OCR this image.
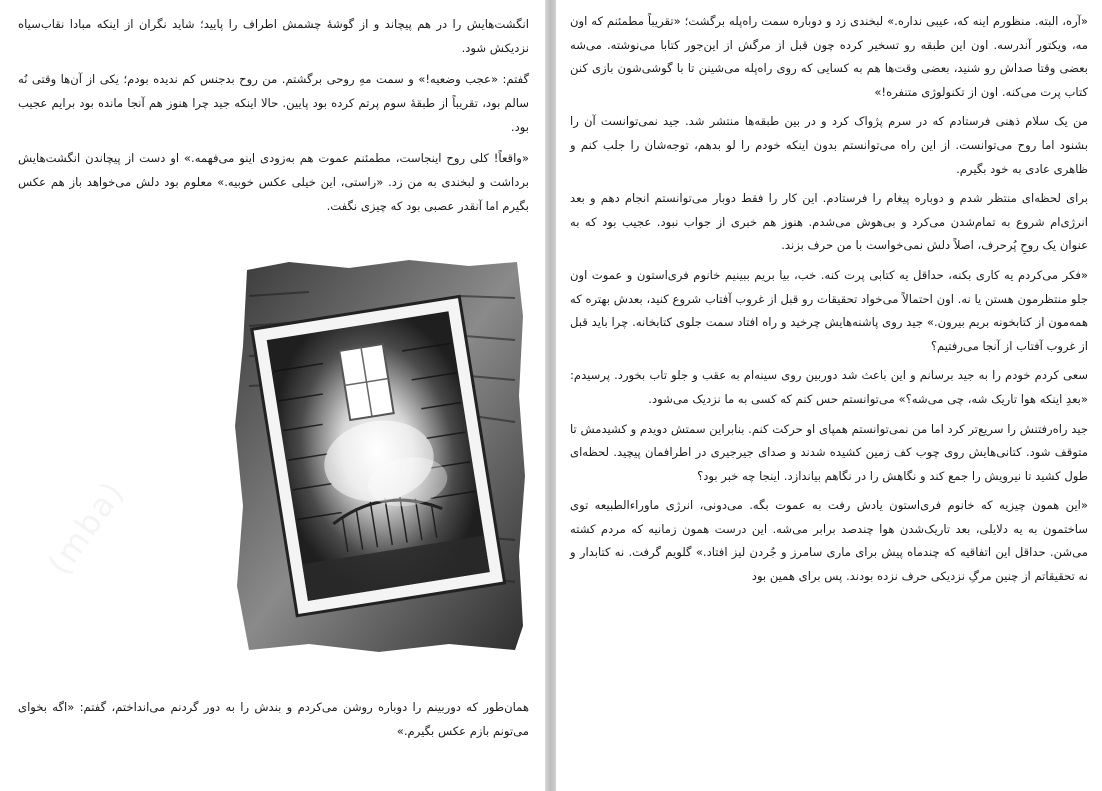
انگشت‌هایش را در هم پیچاند و از گوشهٔ چشمش اطراف را پایید؛ شاید نگران از اینکه مبادا نقاب‌سیاه نزدیکش شود.

گفتم: «عجب وضعیه!» و سمت مهِ روحی برگشتم. من روح بدجنس کم ندیده بودم؛ یکی از آن‌ها وقتی نُه سالم بود، تقریباً از طبقهٔ سوم پرتم کرده بود پایین. حالا اینکه جید چرا هنوز هم آنجا مانده بود برایم عجیب بود.

«واقعاً! کلی روح اینجاست، مطمئنم عموت هم به‌زودی اینو می‌فهمه.» او دست از پیچاندن انگشت‌هایش برداشت و لبخندی به من زد. «راستی، این خیلی عکس خوبیه.» معلوم بود دلش می‌خواهد باز هم عکس بگیرم اما آنقدر عصبی بود که چیزی نگفت.

همان‌طور که دوربینم را دوباره روشن می‌کردم و بندش را به دور گردنم می‌انداختم، گفتم: «اگه بخوای می‌تونم بازم عکس بگیرم.»

(mba)

«آره، البته. منظورم اینه که، عیبی نداره.» لبخندی زد و دوباره سمت راه‌پله برگشت؛ «تقریباً مطمئنم که اون مه، ویکتور آندرسه. اون این طبقه رو تسخیر کرده چون قبل از مرگش از این‌جور کتابا می‌نوشته. می‌شه بعضی وقتا صداش رو شنید، بعضی وقت‌ها هم به کسایی که روی راه‌پله می‌شینن تا با گوشی‌شون بازی کنن کتاب پرت می‌کنه. اون از تکنولوژی متنفره!»

من یک سلام ذهنی فرستادم که در سرم پژواک کرد و در بین طبقه‌ها منتشر شد. جید نمی‌توانست آن را بشنود اما روح می‌توانست. از این راه می‌توانستم بدون اینکه خودم را لو بدهم، توجه‌شان را جلب کنم و ظاهری عادی به خود بگیرم.

برای لحظه‌ای منتظر شدم و دوباره پیغام را فرستادم. این کار را فقط دوبار می‌توانستم انجام دهم و بعد انرژی‌ام شروع به تمام‌شدن می‌کرد و بی‌هوش می‌شدم. هنوز هم خبری از جواب نبود. عجیب بود که به عنوان یک روحِ پُرحرف، اصلاً دلش نمی‌خواست با من حرف بزند.

«فکر می‌کردم یه کاری بکنه، حداقل یه کتابی پرت کنه. خب، بیا بریم ببینیم خانوم فری‌استون و عموت اون جلو منتظرمون هستن یا نه. اون احتمالاً می‌خواد تحقیقات رو قبل از غروب آفتاب شروع کنید، بعدش بهتره که همه‌مون از کتابخونه بریم بیرون.» جید روی پاشنه‌هایش چرخید و راه افتاد سمت جلوی کتابخانه. چرا باید قبل از غروب آفتاب از آنجا می‌رفتیم؟

سعی کردم خودم را به جید برسانم و این باعث شد دوربین روی سینه‌ام به عقب و جلو تاب بخورد. پرسیدم: «بعدِ اینکه هوا تاریک شه، چی می‌شه؟» می‌توانستم حس کنم که کسی به ما نزدیک می‌شود.

جید راه‌رفتنش را سریع‌تر کرد اما من نمی‌توانستم همپای او حرکت کنم. بنابراین سمتش دویدم و کشیدمش تا متوقف شود. کتانی‌هایش روی چوب کف زمین کشیده شدند و صدای جیرجیری در اطرافمان پیچید. لحظه‌ای طول کشید تا نیرویش را جمع کند و نگاهش را در نگاهم بیاندازد. اینجا چه خبر بود؟

«این همون چیزیه که خانوم فری‌استون یادش رفت به عموت بگه. می‌دونی، انرژی ماوراءالطبیعه توی ساختمون به یه دلایلی، بعد تاریک‌شدن هوا چندصد برابر می‌شه. این درست همون زمانیه که مردم کشته می‌شن. حداقل این اتفاقیه که چندماه پیش برای ماری سامرز و جُردن لیز افتاد.» گلویم گرفت. نه کتابدار و نه تحقیقاتم از چنین مرگِ نزدیکی حرف نزده بودند. پس برای همین بود
